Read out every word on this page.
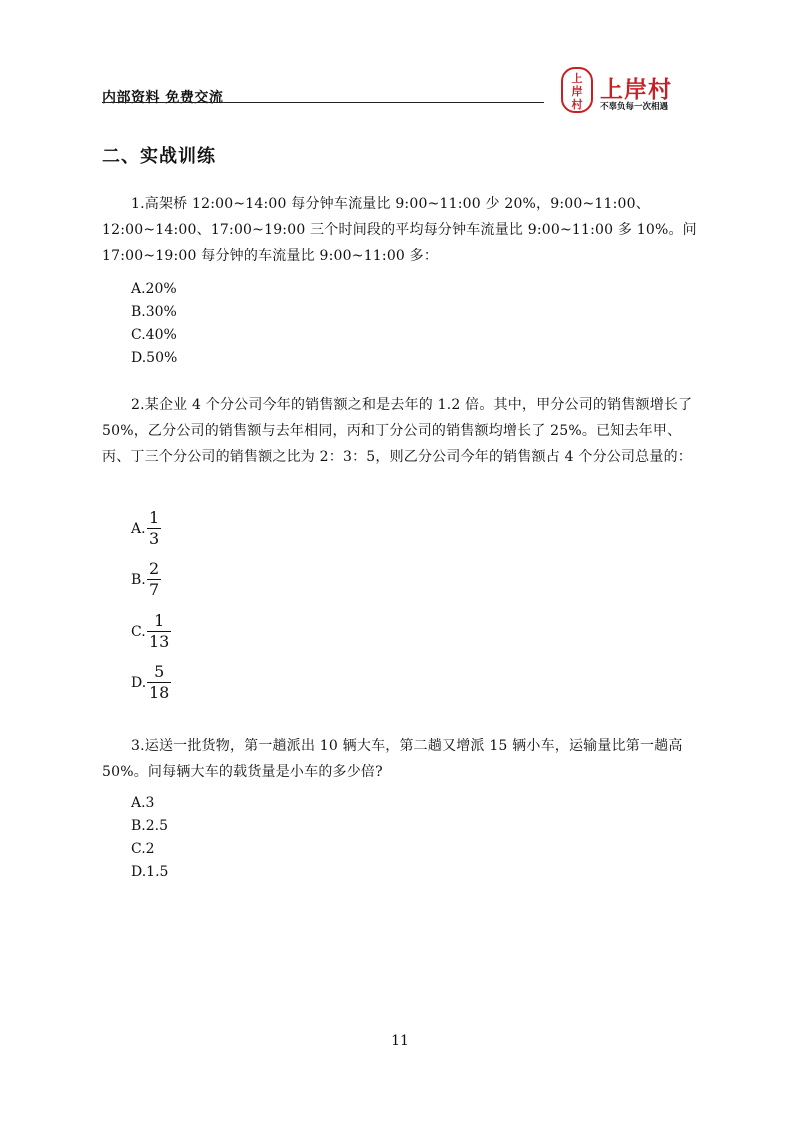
内部资料 免费交流
上
岸
村
上岸村
不辜负每一次相遇
二、实战训练
1.高架桥 12:00~14:00 每分钟车流量比 9:00~11:00 少 20%，9:00~11:00、12:00~14:00、17:00~19:00 三个时间段的平均每分钟车流量比 9:00~11:00 多 10%。问 17:00~19:00 每分钟的车流量比 9:00~11:00 多：
A.20%
B.30%
C.40%
D.50%
2.某企业 4 个分公司今年的销售额之和是去年的 1.2 倍。其中，甲分公司的销售额增长了 50%，乙分公司的销售额与去年相同，丙和丁分公司的销售额均增长了 25%。已知去年甲、丙、丁三个分公司的销售额之比为 2：3：5，则乙分公司今年的销售额占 4 个分公司总量的：
A.
1
3
B.
2
7
C.
1
13
D.
5
18
3.运送一批货物，第一趟派出 10 辆大车，第二趟又增派 15 辆小车，运输量比第一趟高 50%。问每辆大车的载货量是小车的多少倍?
A.3
B.2.5
C.2
D.1.5
11
